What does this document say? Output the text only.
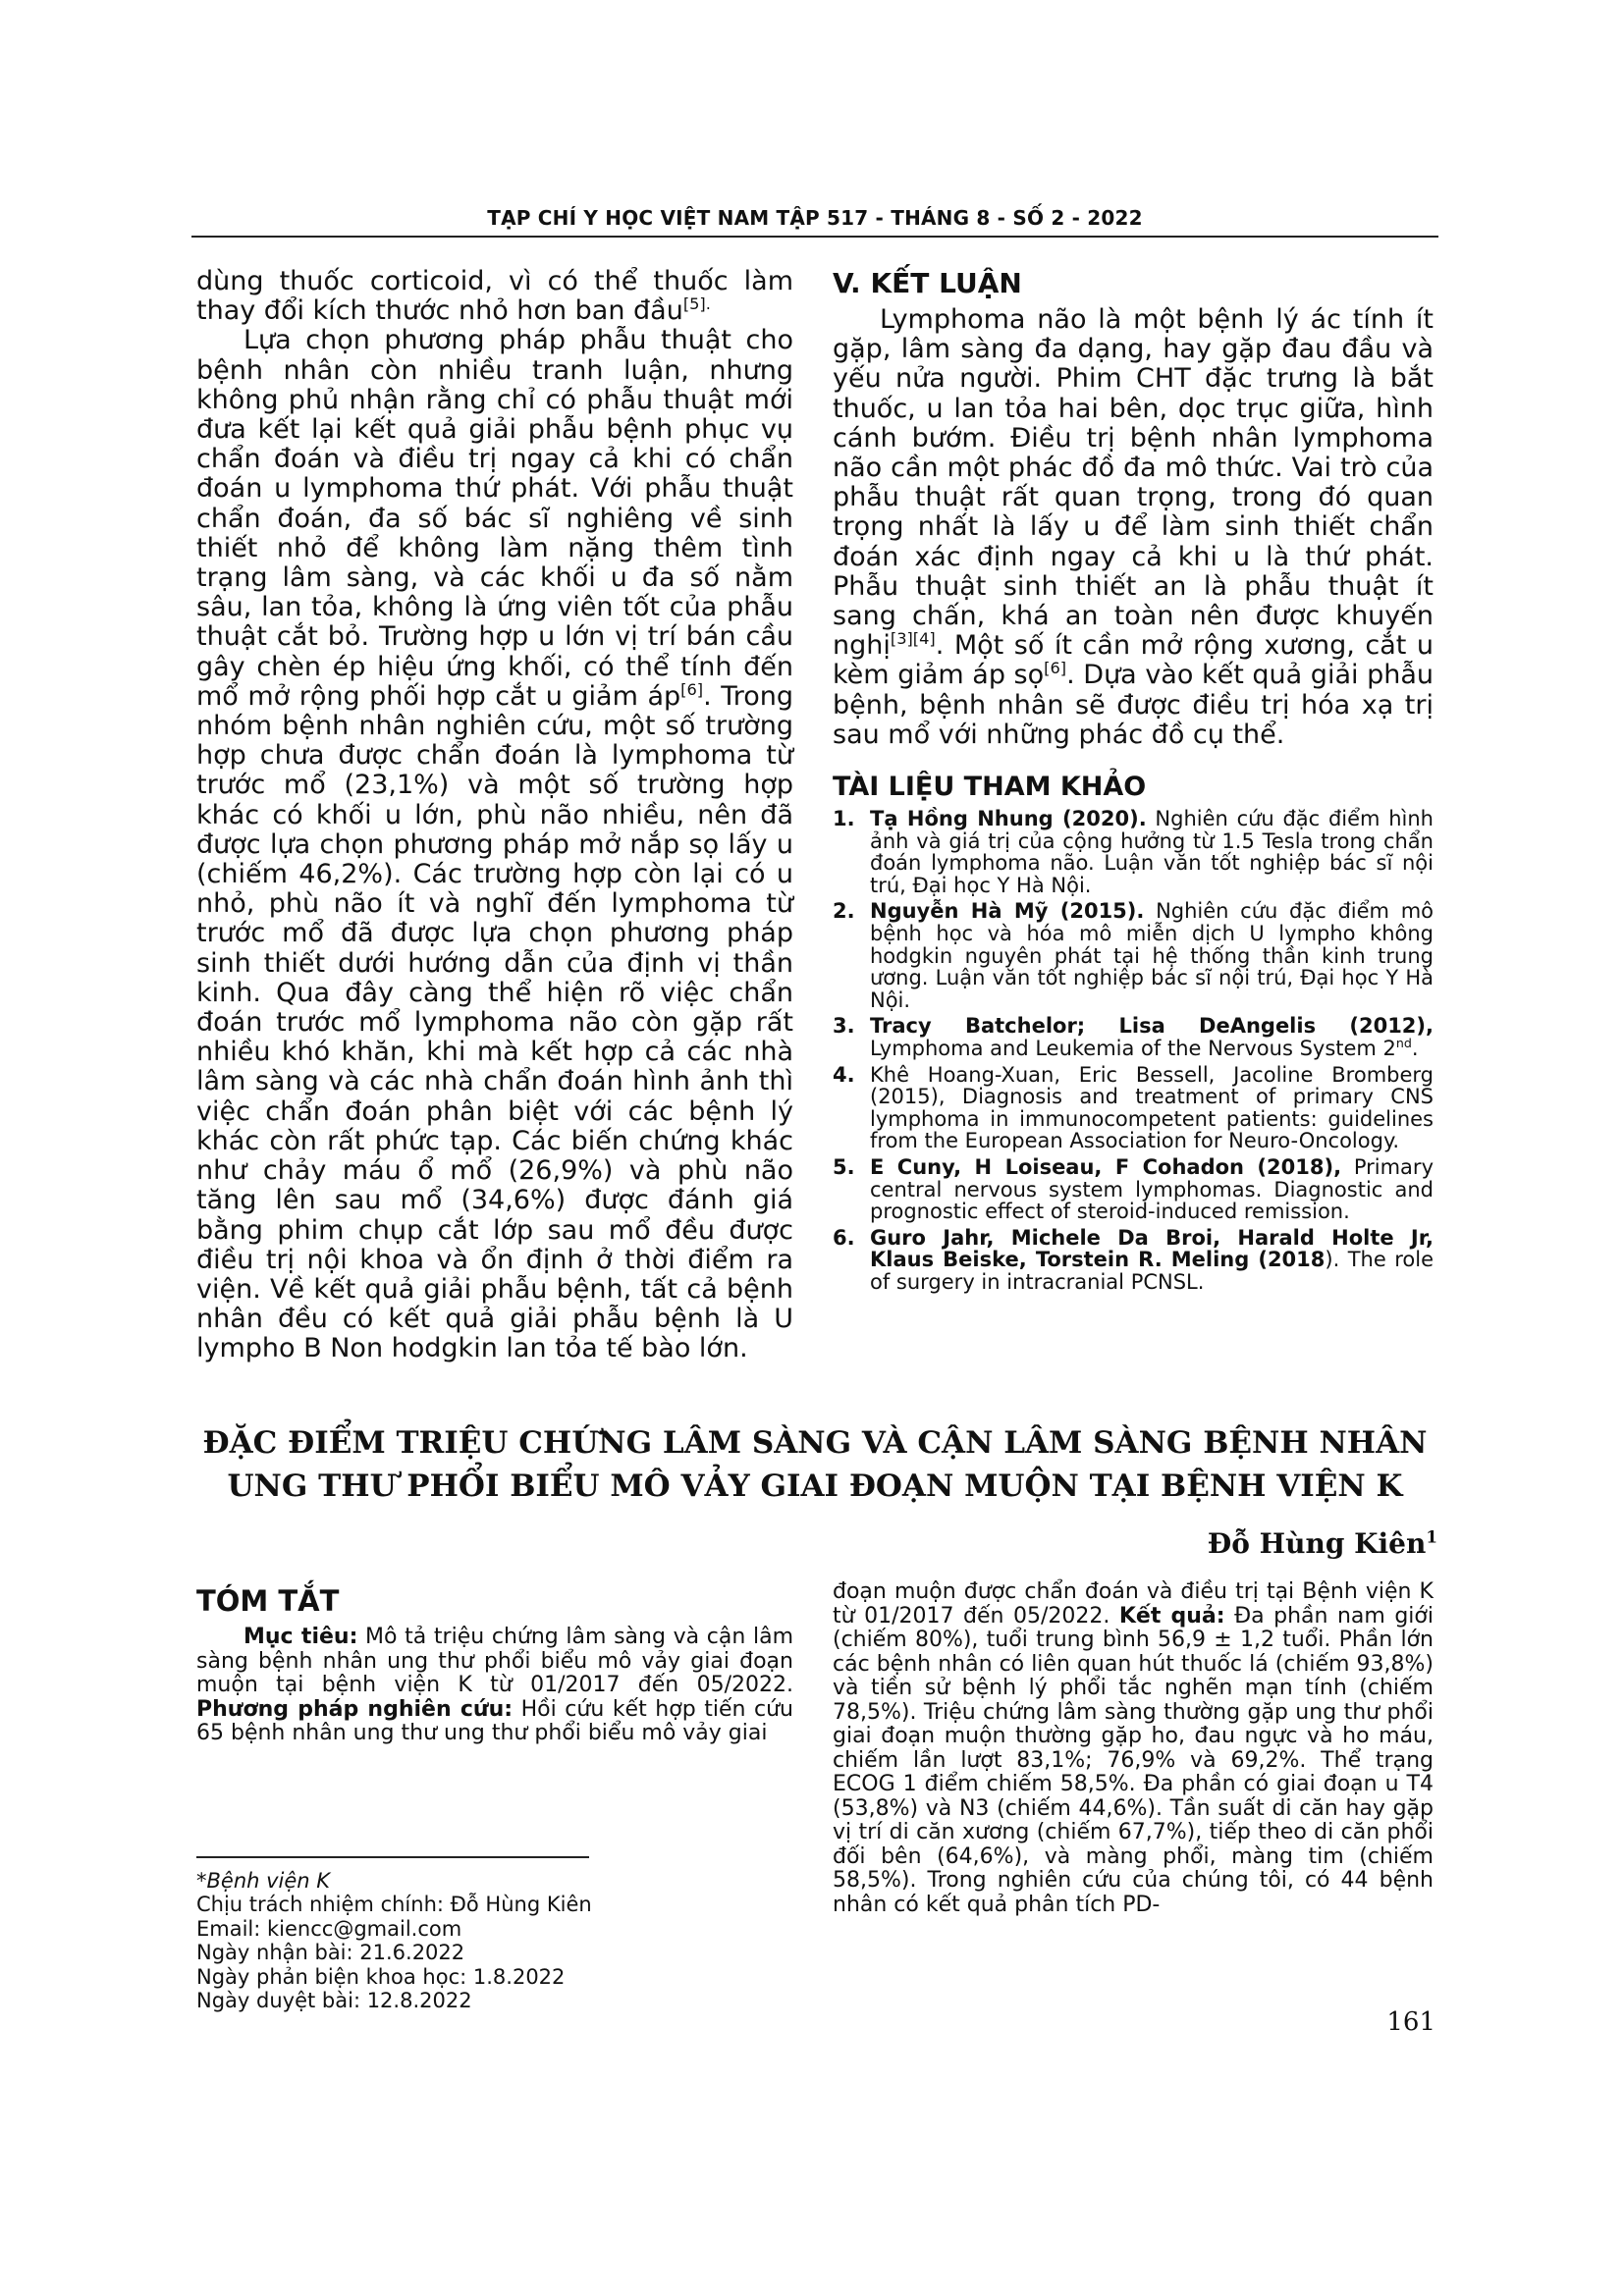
TẠP CHÍ Y HỌC VIỆT NAM TẬP 517 - THÁNG 8 - SỐ 2 - 2022

dùng thuốc corticoid, vì có thể thuốc làm thay đổi kích thước nhỏ hơn ban đầu$^{[5].}$

Lựa chọn phương pháp phẫu thuật cho bệnh nhân còn nhiều tranh luận, nhưng không phủ nhận rằng chỉ có phẫu thuật mới đưa kết lại kết quả giải phẫu bệnh phục vụ chẩn đoán và điều trị ngay cả khi có chẩn đoán u lymphoma thứ phát. Với phẫu thuật chẩn đoán, đa số bác sĩ nghiêng về sinh thiết nhỏ để không làm nặng thêm tình trạng lâm sàng, và các khối u đa số nằm sâu, lan tỏa, không là ứng viên tốt của phẫu thuật cắt bỏ. Trường hợp u lớn vị trí bán cầu gây chèn ép hiệu ứng khối, có thể tính đến mổ mở rộng phối hợp cắt u giảm áp[6]. Trong nhóm bệnh nhân nghiên cứu, một số trường hợp chưa được chẩn đoán là lymphoma từ trước mổ (23,1%) và một số trường hợp khác có khối u lớn, phù não nhiều, nên đã được lựa chọn phương pháp mở nắp sọ lấy u (chiếm 46,2%). Các trường hợp còn lại có u nhỏ, phù não ít và nghĩ đến lymphoma từ trước mổ đã được lựa chọn phương pháp sinh thiết dưới hướng dẫn của định vị thần kinh. Qua đây càng thể hiện rõ việc chẩn đoán trước mổ lymphoma não còn gặp rất nhiều khó khăn, khi mà kết hợp cả các nhà lâm sàng và các nhà chẩn đoán hình ảnh thì việc chẩn đoán phân biệt với các bệnh lý khác còn rất phức tạp. Các biến chứng khác như chảy máu ổ mổ (26,9%) và phù não tăng lên sau mổ (34,6%) được đánh giá bằng phim chụp cắt lớp sau mổ đều được điều trị nội khoa và ổn định ở thời điểm ra viện. Về kết quả giải phẫu bệnh, tất cả bệnh nhân đều có kết quả giải phẫu bệnh là U lympho B Non hodgkin lan tỏa tế bào lớn.

V. KẾT LUẬN

Lymphoma não là một bệnh lý ác tính ít gặp, lâm sàng đa dạng, hay gặp đau đầu và yếu nửa người. Phim CHT đặc trưng là bắt thuốc, u lan tỏa hai bên, dọc trục giữa, hình cánh bướm. Điều trị bệnh nhân lymphoma não cần một phác đồ đa mô thức. Vai trò của phẫu thuật rất quan trọng, trong đó quan trọng nhất là lấy u để làm sinh thiết chẩn đoán xác định ngay cả khi u là thứ phát. Phẫu thuật sinh thiết an là phẫu thuật ít sang chấn, khá an toàn nên được khuyến nghị[3][4]. Một số ít cần mở rộng xương, cắt u kèm giảm áp sọ[6]. Dựa vào kết quả giải phẫu bệnh, bệnh nhân sẽ được điều trị hóa xạ trị sau mổ với những phác đồ cụ thể.

TÀI LIỆU THAM KHẢO
1. Tạ Hồng Nhung (2020). Nghiên cứu đặc điểm hình ảnh và giá trị của cộng hưởng từ 1.5 Tesla trong chẩn đoán lymphoma não. Luận văn tốt nghiệp bác sĩ nội trú, Đại học Y Hà Nội.
2. Nguyễn Hà Mỹ (2015). Nghiên cứu đặc điểm mô bệnh học và hóa mô miễn dịch U lympho không hodgkin nguyên phát tại hệ thống thần kinh trung ương. Luận văn tốt nghiệp bác sĩ nội trú, Đại học Y Hà Nội.
3. Tracy Batchelor; Lisa DeAngelis (2012), Lymphoma and Leukemia of the Nervous System 2nd.
4. Khê Hoang-Xuan, Eric Bessell, Jacoline Bromberg (2015), Diagnosis and treatment of primary CNS lymphoma in immunocompetent patients: guidelines from the European Association for Neuro-Oncology.
5. E Cuny, H Loiseau, F Cohadon (2018), Primary central nervous system lymphomas. Diagnostic and prognostic effect of steroid-induced remission.
6. Guro Jahr, Michele Da Broi, Harald Holte Jr, Klaus Beiske, Torstein R. Meling (2018). The role of surgery in intracranial PCNSL.
ĐẶC ĐIỂM TRIỆU CHỨNG LÂM SÀNG VÀ CẬN LÂM SÀNG BỆNH NHÂN
UNG THƯ PHỔI BIỂU MÔ VẢY GIAI ĐOẠN MUỘN TẠI BỆNH VIỆN K
Đỗ Hùng Kiên$^1$
TÓM TẮT

Mục tiêu: Mô tả triệu chứng lâm sàng và cận lâm sàng bệnh nhân ung thư phổi biểu mô vảy giai đoạn muộn tại bệnh viện K từ 01/2017 đến 05/2022. Phương pháp nghiên cứu: Hồi cứu kết hợp tiến cứu 65 bệnh nhân ung thư ung thư phổi biểu mô vảy giai

*Bệnh viện K
Chịu trách nhiệm chính: Đỗ Hùng Kiên
Email: kiencc@gmail.com
Ngày nhận bài: 21.6.2022
Ngày phản biện khoa học: 1.8.2022
Ngày duyệt bài: 12.8.2022

đoạn muộn được chẩn đoán và điều trị tại Bệnh viện K từ 01/2017 đến 05/2022. Kết quả: Đa phần nam giới (chiếm 80%), tuổi trung bình 56,9 ± 1,2 tuổi. Phần lớn các bệnh nhân có liên quan hút thuốc lá (chiếm 93,8%) và tiền sử bệnh lý phổi tắc nghẽn mạn tính (chiếm 78,5%). Triệu chứng lâm sàng thường gặp ung thư phổi giai đoạn muộn thường gặp ho, đau ngực và ho máu, chiếm lần lượt 83,1%; 76,9% và 69,2%. Thể trạng ECOG 1 điểm chiếm 58,5%. Đa phần có giai đoạn u T4 (53,8%) và N3 (chiếm 44,6%). Tần suất di căn hay gặp vị trí di căn xương (chiếm 67,7%), tiếp theo di căn phổi đối bên (64,6%), và màng phổi, màng tim (chiếm 58,5%). Trong nghiên cứu của chúng tôi, có 44 bệnh nhân có kết quả phân tích PD-

161
